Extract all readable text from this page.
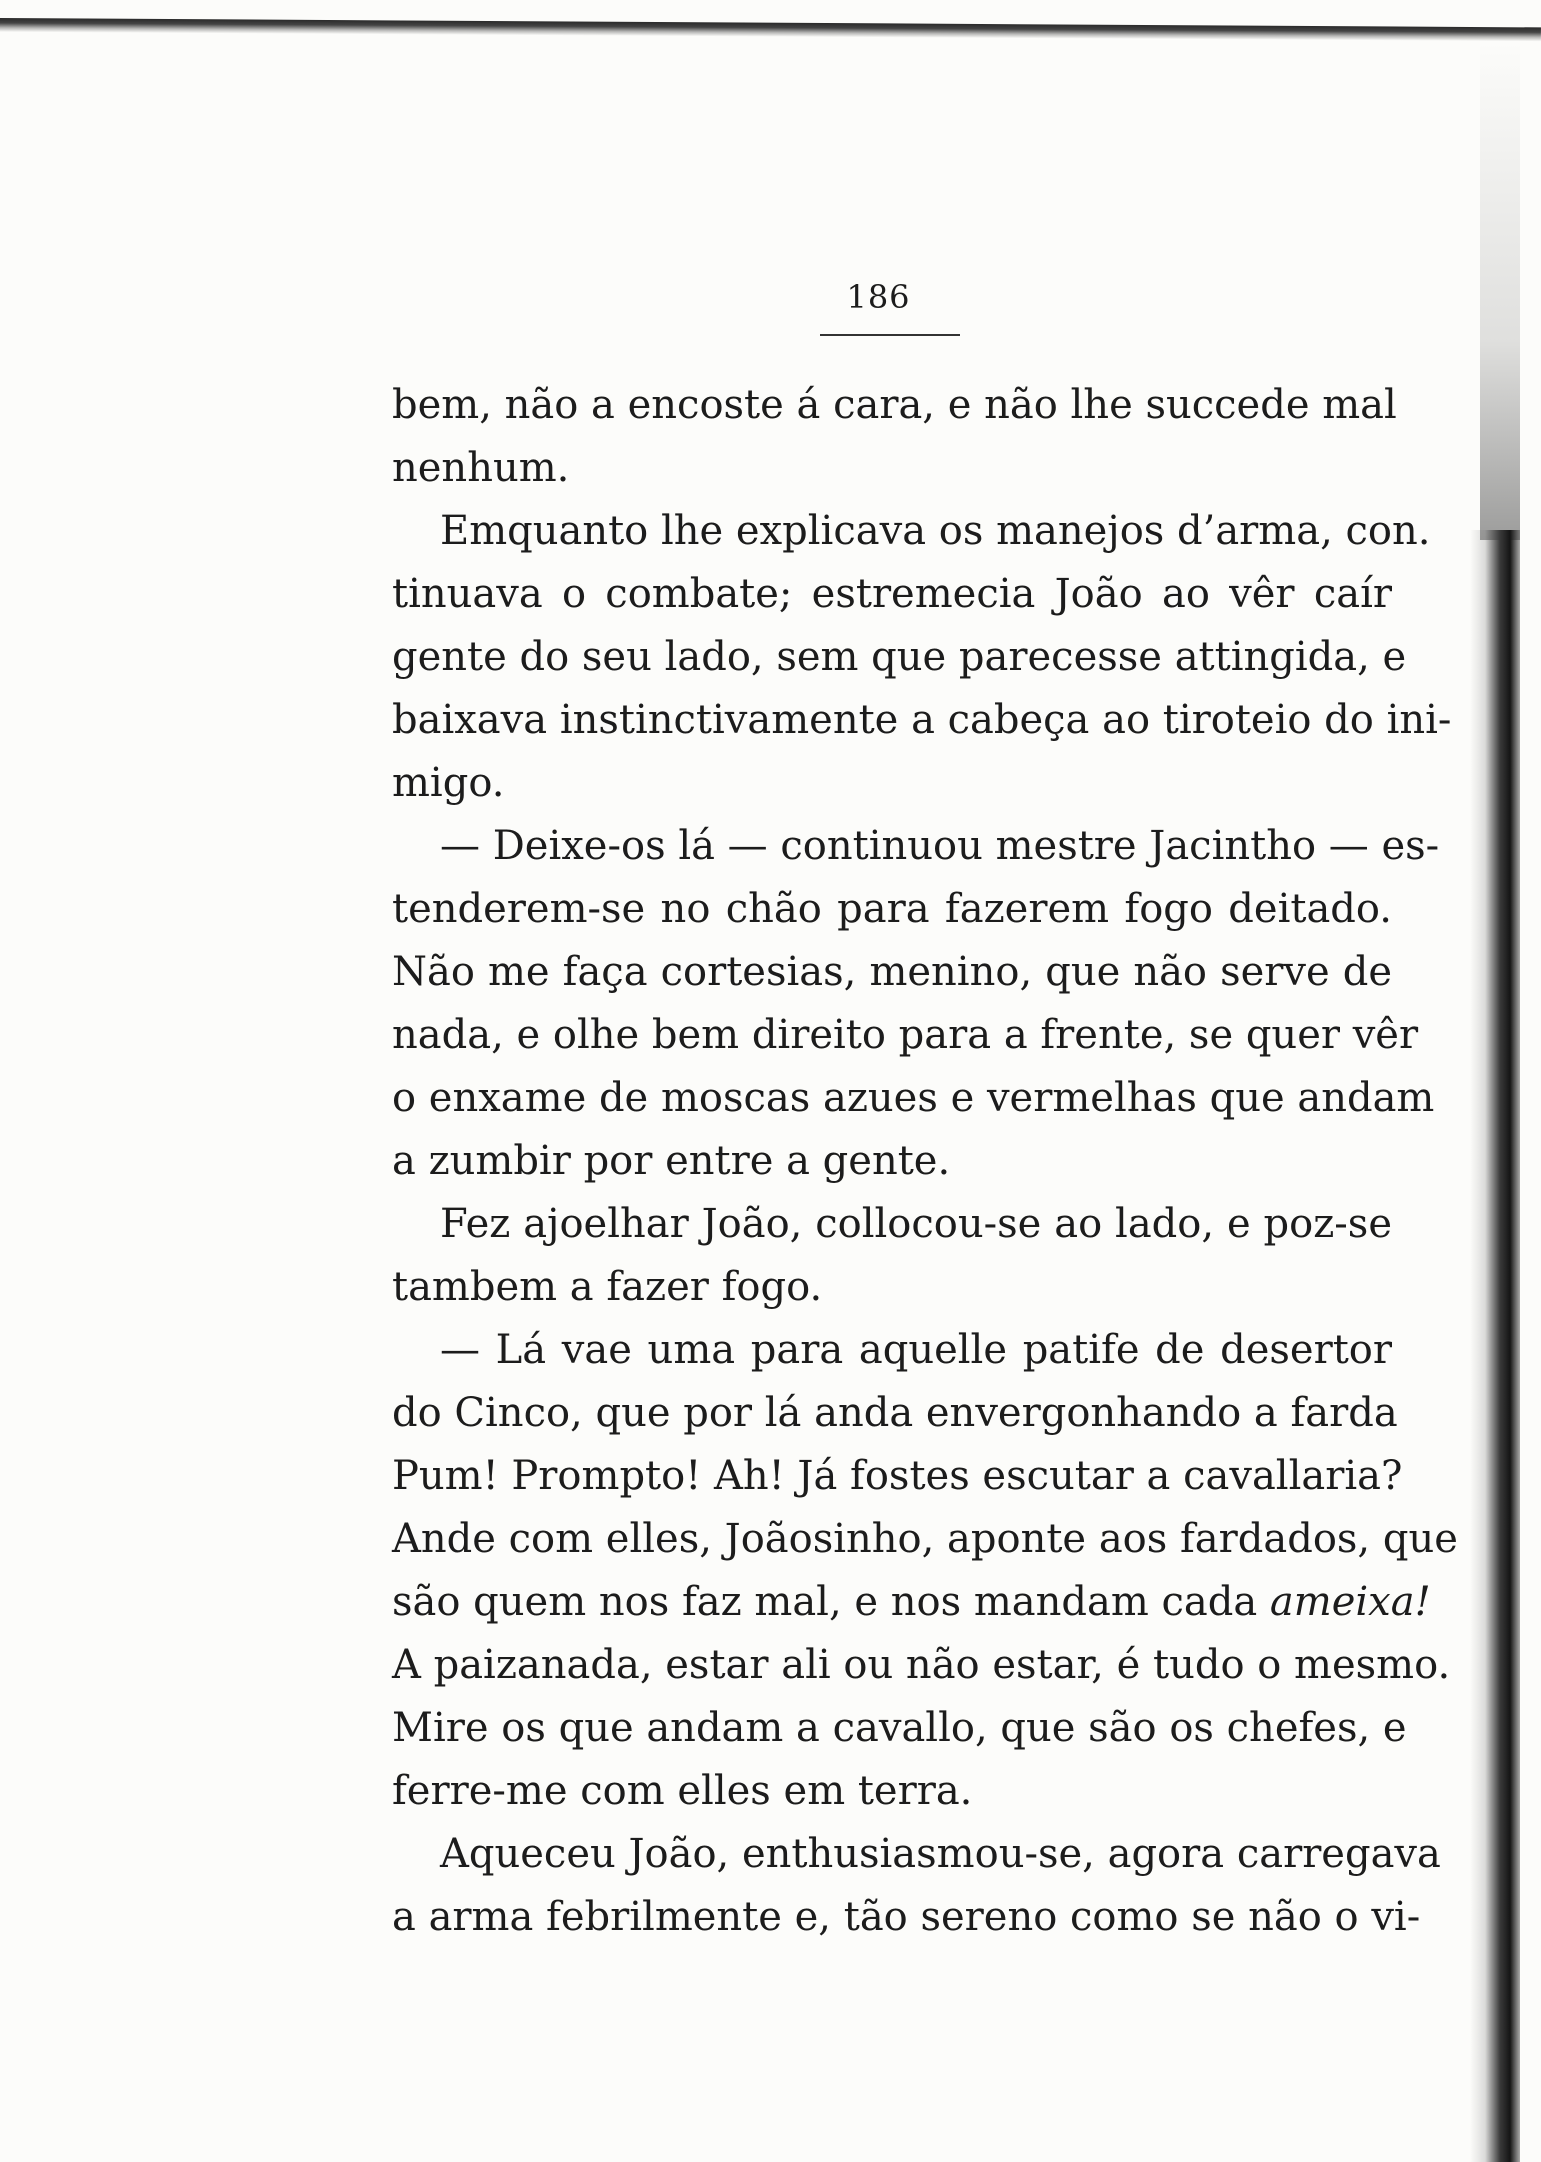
186
bem, não a encoste á cara, e não lhe succede mal
nenhum.
Emquanto lhe explicava os manejos d’arma, con.
tinuava o combate; estremecia João ao vêr caír
gente do seu lado, sem que parecesse attingida, e
baixava instinctivamente a cabeça ao tiroteio do ini-
migo.
— Deixe-os lá — continuou mestre Jacintho — es-
tenderem-se no chão para fazerem fogo deitado.
Não me faça cortesias, menino, que não serve de
nada, e olhe bem direito para a frente, se quer vêr
o enxame de moscas azues e vermelhas que andam
a zumbir por entre a gente.
Fez ajoelhar João, collocou-se ao lado, e poz-se
tambem a fazer fogo.
— Lá vae uma para aquelle patife de desertor
do Cinco, que por lá anda envergonhando a farda
Pum! Prompto! Ah! Já fostes escutar a cavallaria?
Ande com elles, Joãosinho, aponte aos fardados, que
são quem nos faz mal, e nos mandam cada ameixa!
A paizanada, estar ali ou não estar, é tudo o mesmo.
Mire os que andam a cavallo, que são os chefes, e
ferre-me com elles em terra.
Aqueceu João, enthusiasmou-se, agora carregava
a arma febrilmente e, tão sereno como se não o vi-
